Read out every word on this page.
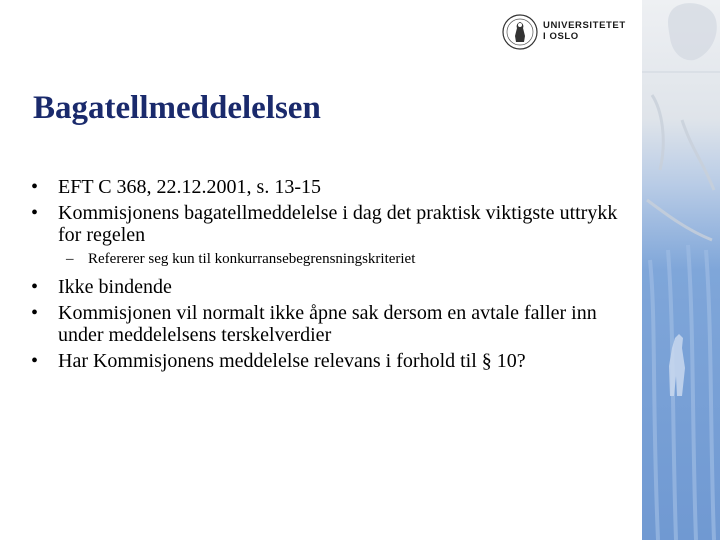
UNIVERSITETET
I OSLO
Bagatellmeddelelsen
• EFT C 368, 22.12.2001, s. 13-15
• Kommisjonens bagatellmeddelelse i dag det praktisk viktigste uttrykk for regelen
– Refererer seg kun til konkurransebegrensningskriteriet
• Ikke bindende
• Kommisjonen vil normalt ikke åpne sak dersom en avtale faller inn under meddelelsens terskelverdier
• Har Kommisjonens meddelelse relevans i forhold til § 10?
